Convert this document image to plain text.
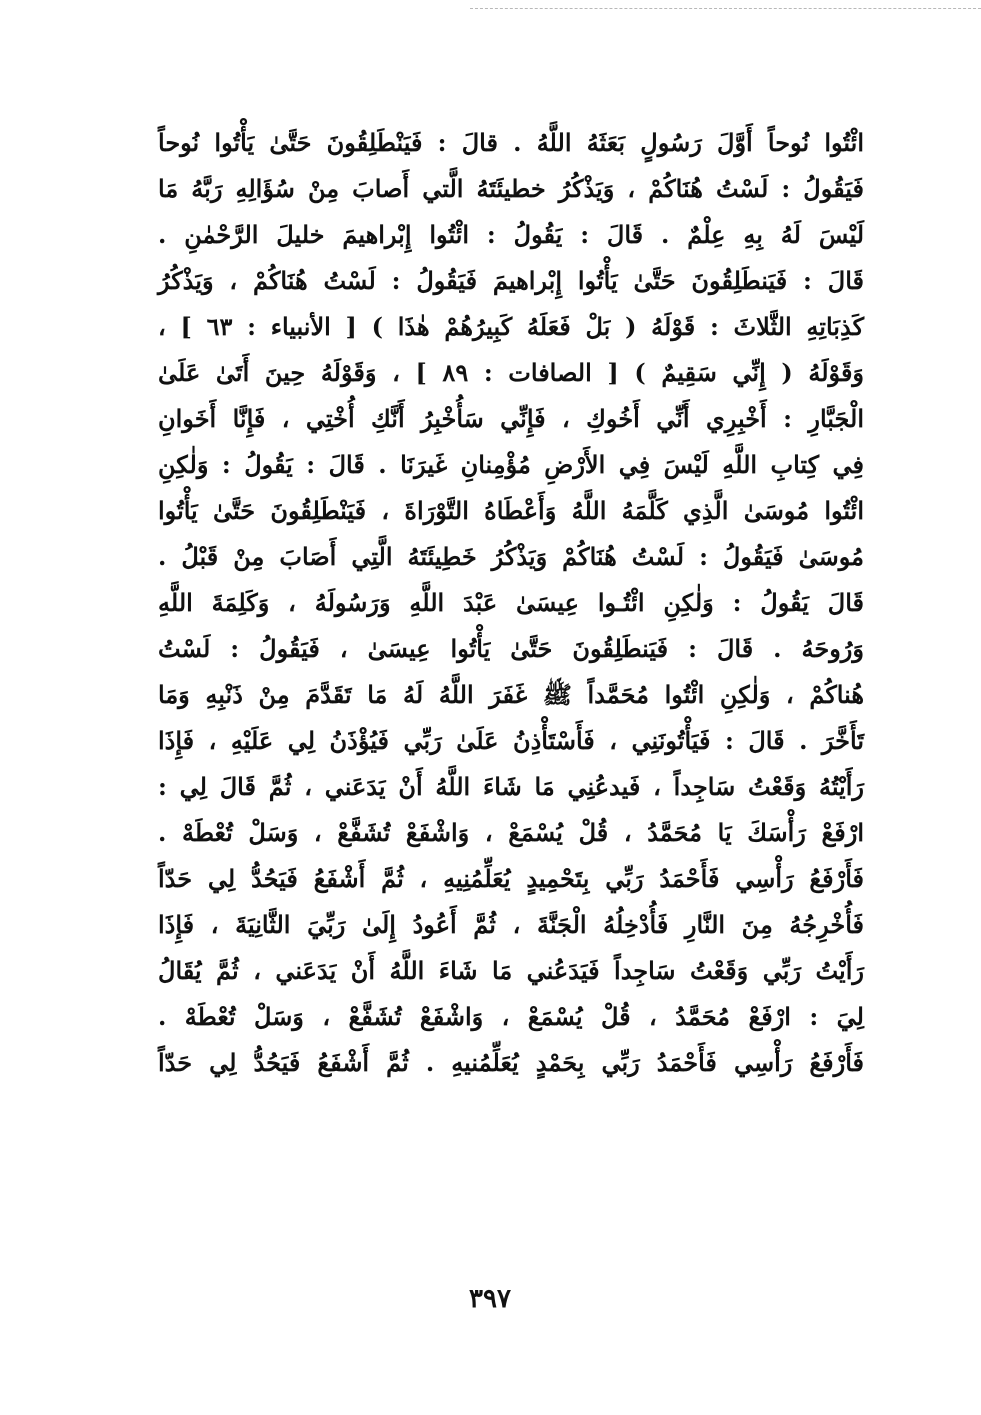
ائْتُوا نُوحاً أَوَّلَ رَسُولٍ بَعَثَهُ اللَّهُ . قالَ : فَيَنْطَلِقُونَ حَتَّىٰ يَأْتُوا نُوحاً
فَيَقُولُ : لَسْتُ هُنَاكُمْ ، وَيَذْكُرُ خطيئَتَهُ الَّتي أَصابَ مِنْ سُؤَالِهِ رَبَّهُ مَا
لَيْسَ لَهُ بِهِ عِلْمٌ . قَالَ : يَقُولُ : ائْتُوا إِبْراهيمَ خليلَ الرَّحْمٰنِ .
قَالَ : فَيَنطَلِقُونَ حَتَّىٰ يَأْتُوا إِبْراهيمَ فَيَقُولُ : لَسْتُ هُنَاكُمْ ، وَيَذْكُرُ
كَذِبَاتِهِ الثَّلاثَ : قَوْلَهُ ( بَلْ فَعَلَهُ كَبِيرُهُمْ هٰذَا ) [ الأنبياء : ٦٣ ] ،
وَقَوْلَهُ ( إِنِّي سَقِيمٌ ) [ الصافات : ٨٩ ] ، وَقَوْلَهُ حِينَ أَتَىٰ عَلَىٰ
الْجَبَّارِ : أَخْبِرِي أَنِّي أَخُوكِ ، فَإِنِّي سَأُخْبِرُ أَنَّكِ أُخْتِي ، فَإِنَّا أَخَوانِ
فِي كِتابِ اللَّهِ لَيْسَ فِي الأَرْضِ مُؤْمِنانِ غَيرَنَا . قَالَ : يَقُولُ : وَلٰكِنِ
ائْتُوا مُوسَىٰ الَّذِي كَلَّمَهُ اللَّهُ وَأَعْطَاهُ التَّوْرَاةَ ، فَيَنْطَلِقُونَ حَتَّىٰ يَأْتُوا
مُوسَىٰ فَيَقُولُ : لَسْتُ هُنَاكُمْ وَيَذْكُرُ خَطِيئَتَهُ الَّتِي أَصَابَ مِنْ قَبْلُ .
قَالَ يَقُولُ : وَلٰكِنِ ائْتُـوا عِيسَىٰ عَبْدَ اللَّهِ وَرَسُولَهُ ، وَكَلِمَةَ اللَّهِ
وَرُوحَهُ . قَالَ : فَيَنطَلِقُونَ حَتَّىٰ يَأْتُوا عِيسَىٰ ، فَيَقُولُ : لَسْتُ
هُناكُمْ ، وَلٰكِنِ ائْتُوا مُحَمَّداً ﷺ غَفَرَ اللَّهُ لَهُ مَا تَقَدَّمَ مِنْ ذَنْبِهِ وَمَا
تَأَخَّرَ . قَالَ : فَيَأْتُونَنِي ، فَأَسْتَأْذِنُ عَلَىٰ رَبِّي فَيُؤْذَنُ لِي عَلَيْهِ ، فَإِذَا
رَأَيْتُهُ وَقَعْتُ سَاجِداً ، فَيدعُنِي مَا شَاءَ اللَّهُ أَنْ يَدَعَني ، ثُمَّ قَالَ لِي :
ارْفَعْ رَأْسَكَ يَا مُحَمَّدُ ، قُلْ يُسْمَعْ ، وَاشْفَعْ تُشَفَّعْ ، وَسَلْ تُعْطَهْ .
فَأَرْفَعُ رَأْسِي فَأَحْمَدُ رَبِّي بِتَحْمِيدٍ يُعَلِّمُنِيهِ ، ثُمَّ أَشْفَعُ فَيَحُدُّ لِي حَدّاً
فَأُخْرِجُهُ مِنَ النَّارِ فَأُدْخِلُهُ الْجَنَّةَ ، ثُمَّ أَعُودُ إِلَىٰ رَبِّيَ الثَّانِيَةَ ، فَإِذَا
رَأَيْتُ رَبِّي وَقَعْتُ سَاجِداً فَيَدَعُني مَا شَاءَ اللَّهُ أَنْ يَدَعَني ، ثُمَّ يُقَالُ
لِيَ : ارْفَعْ مُحَمَّدُ ، قُلْ يُسْمَعْ ، وَاشْفَعْ تُشَفَّعْ ، وَسَلْ تُعْطَهْ .
فَأَرْفَعُ رَأْسِي فَأَحْمَدُ رَبِّي بِحَمْدٍ يُعَلِّمُنيهِ . ثُمَّ أَشْفَعُ فَيَحُدُّ لِي حَدّاً
٣٩٧
